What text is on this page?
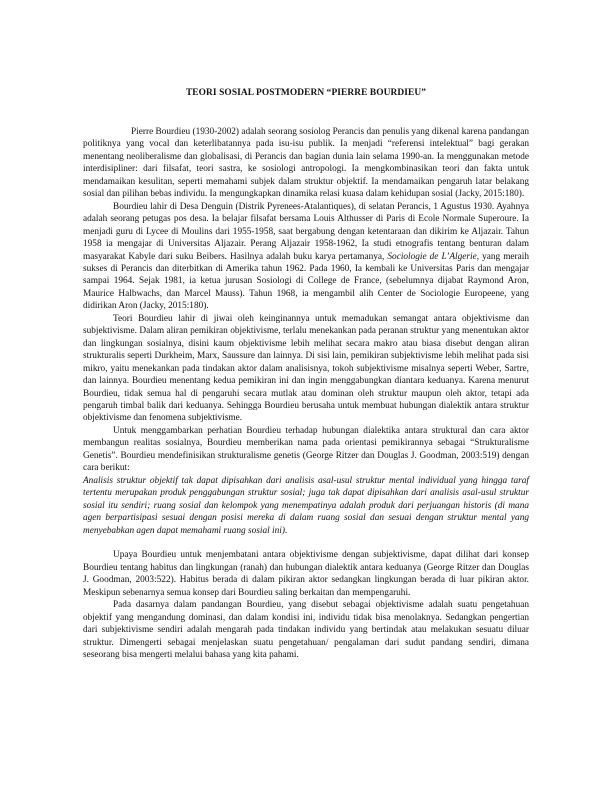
TEORI SOSIAL POSTMODERN “PIERRE BOURDIEU”

Pierre Bourdieu (1930-2002) adalah seorang sosiolog Perancis dan penulis yang dikenal karena pandangan politiknya yang vocal dan keterlibatannya pada isu-isu publik. Ia menjadi “referensi intelektual” bagi gerakan menentang neoliberalisme dan globalisasi, di Perancis dan bagian dunia lain selama 1990-an. Ia menggunakan metode interdisipliner: dari filsafat, teori sastra, ke sosiologi antropologi. Ia mengkombinasikan teori dan fakta untuk mendamaikan kesulitan, seperti memahami subjek dalam struktur objektif. Ia mendamaikan pengaruh latar belakang sosial dan pilihan bebas individu. Ia mengungkapkan dinamika relasi kuasa dalam kehidupan sosial (Jacky, 2015:180).

Bourdieu lahir di Desa Denguin (Distrik Pyrenees-Atalantiques), di selatan Perancis, 1 Agustus 1930. Ayahnya adalah seorang petugas pos desa. Ia belajar filsafat bersama Louis Althusser di Paris di Ecole Normale Superoure. Ia menjadi guru di Lycee di Moulins dari 1955-1958, saat bergabung dengan ketentaraan dan dikirim ke Aljazair. Tahun 1958 ia mengajar di Universitas Aljazair. Perang Aljazair 1958-1962, Ia studi etnografis tentang benturan dalam masyarakat Kabyle dari suku Beibers. Hasilnya adalah buku karya pertamanya, Sociologie de L’Algerie, yang meraih sukses di Perancis dan diterbitkan di Amerika tahun 1962. Pada 1960, Ia kembali ke Universitas Paris dan mengajar sampai 1964. Sejak 1981, ia ketua jurusan Sosiologi di College de France, (sebelumnya dijabat Raymond Aron, Maurice Halbwachs, dan Marcel Mauss). Tahun 1968, ia mengambil alih Center de Sociologie Europeene, yang didirikan Aron (Jacky, 2015:180).

Teori Bourdieu lahir di jiwai oleh keinginannya untuk memadukan semangat antara objektivisme dan subjektivisme. Dalam aliran pemikiran objektivisme, terlalu menekankan pada peranan struktur yang menentukan aktor dan lingkungan sosialnya, disini kaum objektivisme lebih melihat secara makro atau biasa disebut dengan aliran strukturalis seperti Durkheim, Marx, Saussure dan lainnya. Di sisi lain, pemikiran subjektivisme lebih melihat pada sisi mikro, yaitu menekankan pada tindakan aktor dalam analisisnya, tokoh subjektivisme misalnya seperti Weber, Sartre, dan lainnya. Bourdieu menentang kedua pemikiran ini dan ingin menggabungkan diantara keduanya. Karena menurut Bourdieu, tidak semua hal di pengaruhi secara mutlak atau dominan oleh struktur maupun oleh aktor, tetapi ada pengaruh timbal balik dari keduanya. Sehingga Bourdieu berusaha untuk membuat hubungan dialektik antara struktur objektivisme dan fenomena subjektivisme.

Untuk menggambarkan perhatian Bourdieu terhadap hubungan dialektika antara struktural dan cara aktor membangun realitas sosialnya, Bourdieu memberikan nama pada orientasi pemikirannya sebagai “Strukturalisme Genetis”. Bourdieu mendefinisikan strukturalisme genetis (George Ritzer dan Douglas J. Goodman, 2003:519) dengan cara berikut:

Analisis struktur objektif tak dapat dipisahkan dari analisis asal-usul struktur mental individual yang hingga taraf tertentu merupakan produk penggabungan struktur sosial; juga tak dapat dipisahkan dari analisis asal-usul struktur sosial itu sendiri; ruang sosial dan kelompok yang menempatinya adalah produk dari perjuangan historis (di mana agen berpartisipasi sesuai dengan posisi mereka di dalam ruang sosial dan sesuai dengan struktur mental yang menyebabkan agen dapat memahami ruang sosial ini).

Upaya Bourdieu untuk menjembatani antara objektivisme dengan subjektivisme, dapat dilihat dari konsep Bourdieu tentang habitus dan lingkungan (ranah) dan hubungan dialektik antara keduanya (George Ritzer dan Douglas J. Goodman, 2003:522). Habitus berada di dalam pikiran aktor sedangkan lingkungan berada di luar pikiran aktor. Meskipun sebenarnya semua konsep dari Bourdieu saling berkaitan dan mempengaruhi.

Pada dasarnya dalam pandangan Bourdieu, yang disebut sebagai objektivisme adalah suatu pengetahuan objektif yang mengandung dominasi, dan dalam kondisi ini, individu tidak bisa menolaknya. Sedangkan pengertian dari subjektivisme sendiri adalah mengarah pada tindakan individu yang bertindak atau melakukan sesuatu diluar struktur. Dimengerti sebagai menjelaskan suatu pengetahuan/ pengalaman dari sudut pandang sendiri, dimana seseorang bisa mengerti melalui bahasa yang kita pahami.
